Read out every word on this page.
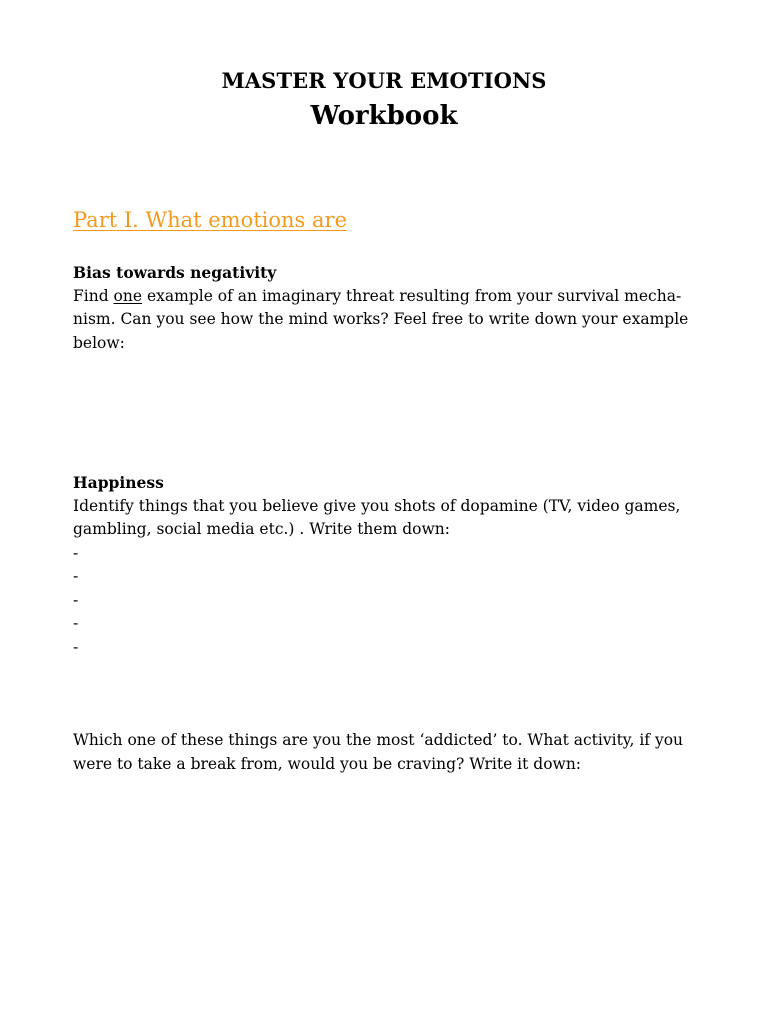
MASTER YOUR EMOTIONS
Workbook
Part I. What emotions are

Bias towards negativity

Find one example of an imaginary threat resulting from your survival mecha-nism. Can you see how the mind works? Feel free to write down your example below:

Happiness

Identify things that you believe give you shots of dopamine (TV, video games, gambling, social media etc.) . Write them down:

-
-
-
-
-

Which one of these things are you the most ‘addicted’ to. What activity, if you were to take a break from, would you be craving? Write it down:
